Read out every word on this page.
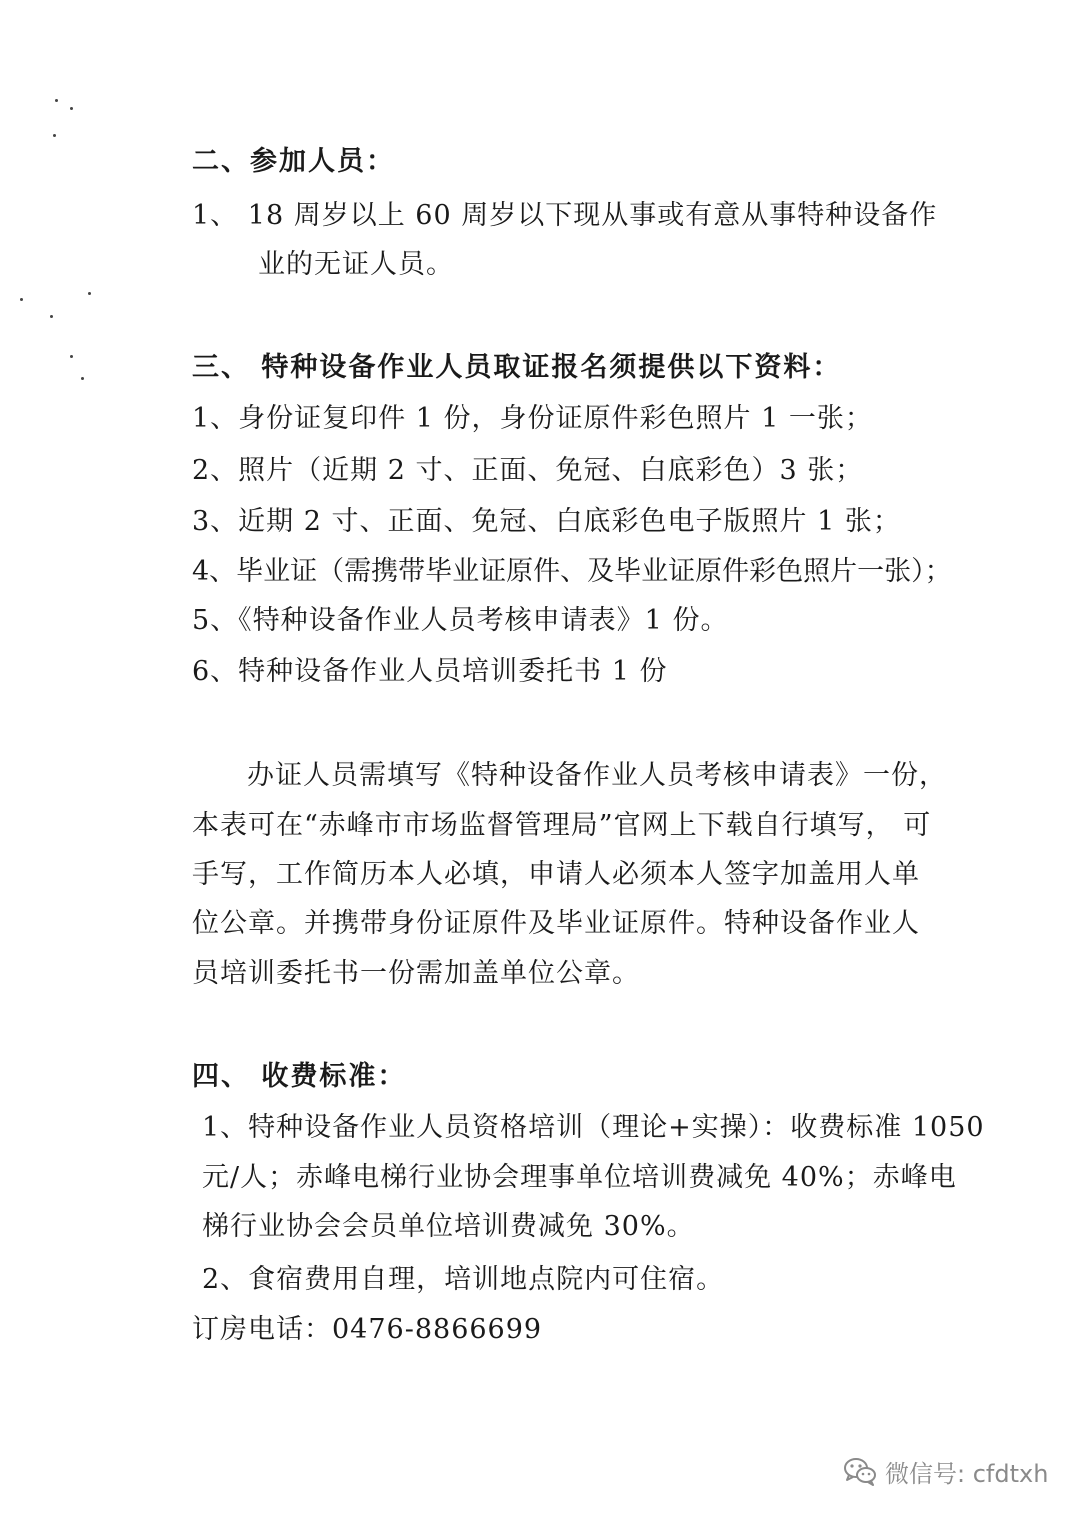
二、参加人员：
1、 18 周岁以上 60 周岁以下现从事或有意从事特种设备作
业的无证人员。
三、 特种设备作业人员取证报名须提供以下资料：
1、身份证复印件 1 份，身份证原件彩色照片 1 一张；
2、照片（近期 2 寸、正面、免冠、白底彩色）3 张；
3、近期 2 寸、正面、免冠、白底彩色电子版照片 1 张；
4、毕业证（需携带毕业证原件、及毕业证原件彩色照片一张）；
5、《特种设备作业人员考核申请表》1 份。
6、特种设备作业人员培训委托书 1 份
办证人员需填写《特种设备作业人员考核申请表》一份，
本表可在“赤峰市市场监督管理局”官网上下载自行填写， 可
手写，工作简历本人必填，申请人必须本人签字加盖用人单
位公章。并携带身份证原件及毕业证原件。特种设备作业人
员培训委托书一份需加盖单位公章。
四、 收费标准：
1、特种设备作业人员资格培训（理论+实操）：收费标准 1050
元/人；赤峰电梯行业协会理事单位培训费减免 40%；赤峰电
梯行业协会会员单位培训费减免 30%。
2、食宿费用自理，培训地点院内可住宿。
订房电话：0476-8866699
微信号: cfdtxh
